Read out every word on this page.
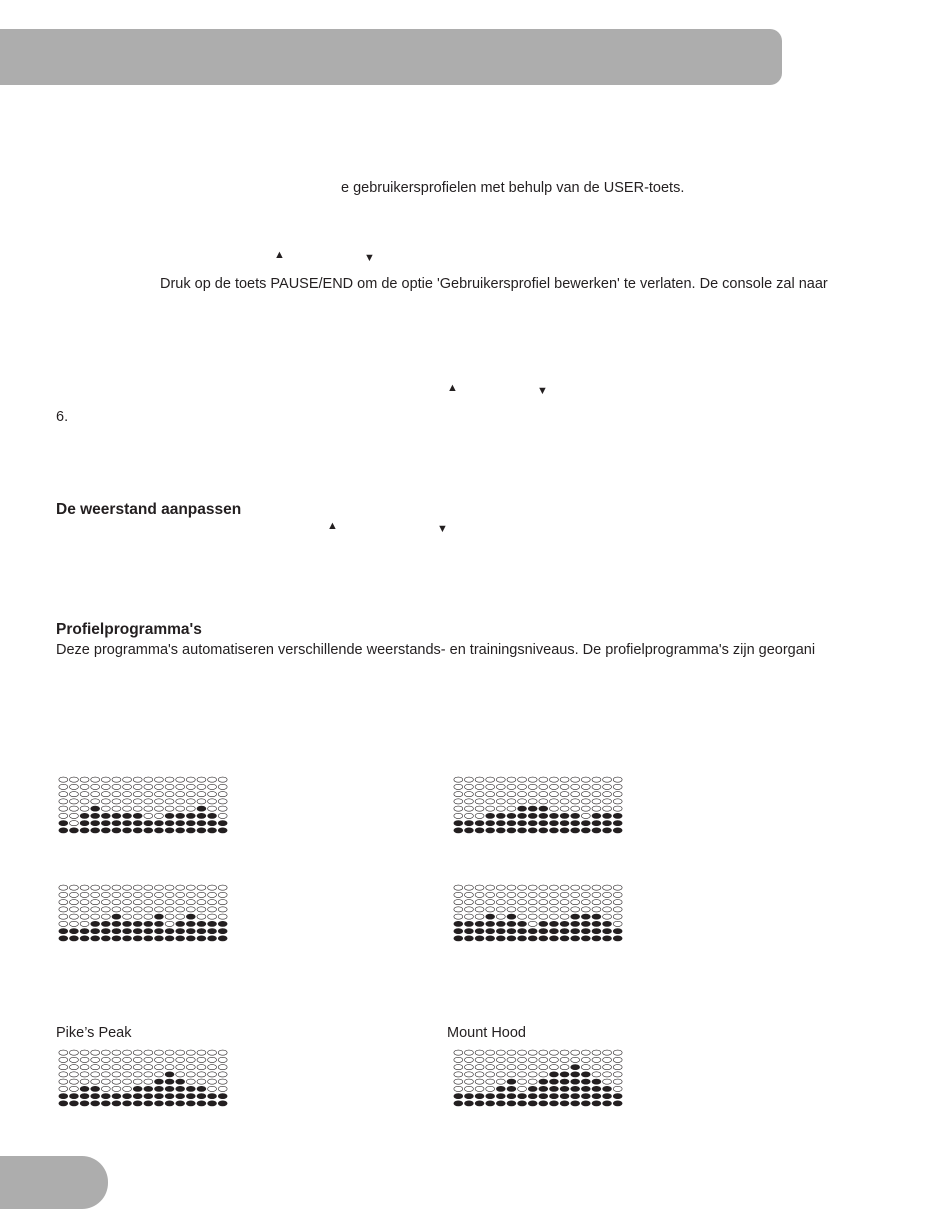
e gebruikersprofielen met behulp van de USER-toets.
▲	▼
Druk op de toets PAUSE/END om de optie 'Gebruikersprofiel bewerken' te verlaten. De console zal naar
▲	▼
6.
De weerstand aanpassen
▲	▼
Profielprogramma's
Deze programma's automatiseren verschillende weerstands- en trainingsniveaus. De profielprogramma's zijn georgani
Pike’s Peak	Mount Hood
